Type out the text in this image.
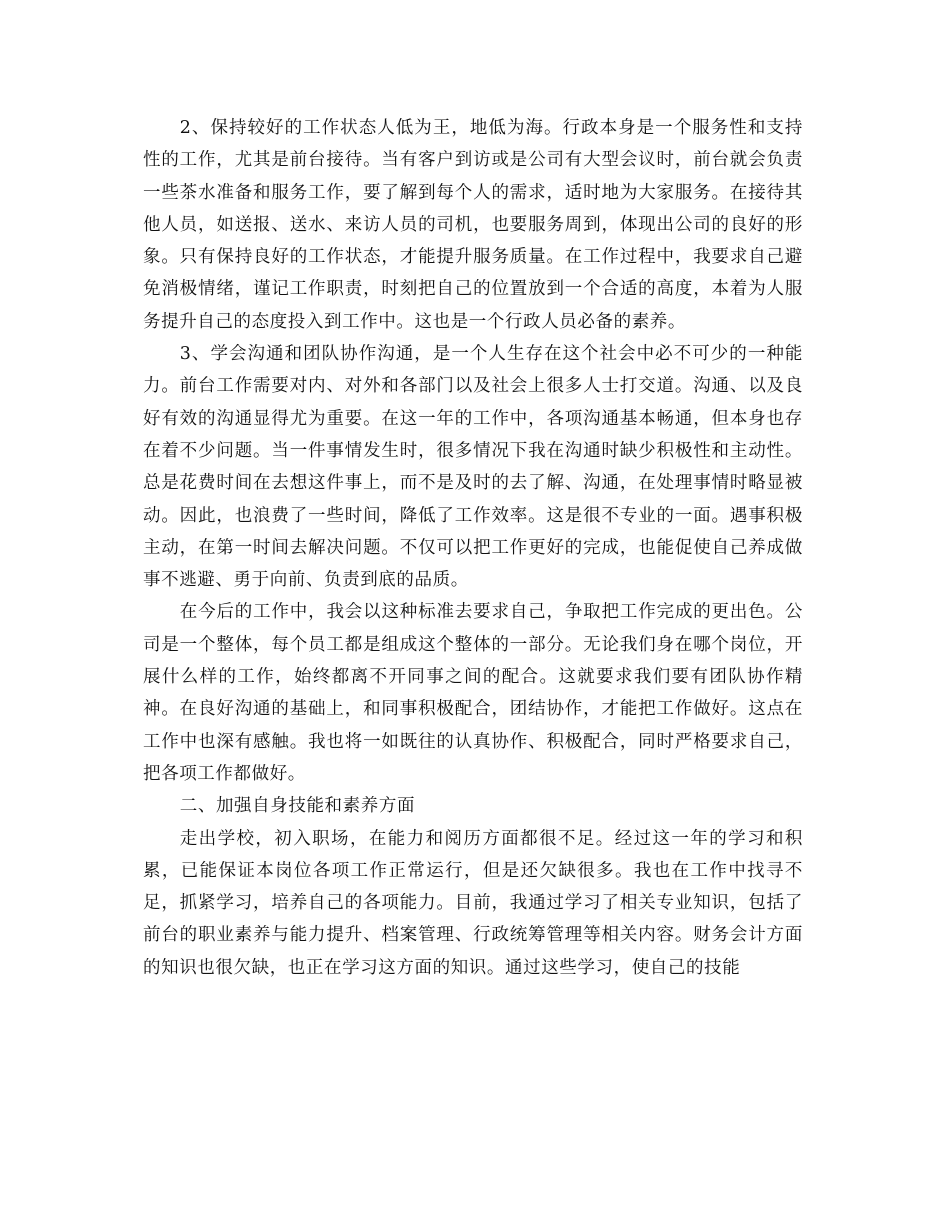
2、保持较好的工作状态人低为王，地低为海。行政本身是一个服务性和支持性的工作，尤其是前台接待。当有客户到访或是公司有大型会议时，前台就会负责一些茶水准备和服务工作，要了解到每个人的需求，适时地为大家服务。在接待其他人员，如送报、送水、来访人员的司机，也要服务周到，体现出公司的良好的形象。只有保持良好的工作状态，才能提升服务质量。在工作过程中，我要求自己避免消极情绪，谨记工作职责，时刻把自己的位置放到一个合适的高度，本着为人服务提升自己的态度投入到工作中。这也是一个行政人员必备的素养。

3、学会沟通和团队协作沟通，是一个人生存在这个社会中必不可少的一种能力。前台工作需要对内、对外和各部门以及社会上很多人士打交道。沟通、以及良好有效的沟通显得尤为重要。在这一年的工作中，各项沟通基本畅通，但本身也存在着不少问题。当一件事情发生时，很多情况下我在沟通时缺少积极性和主动性。总是花费时间在去想这件事上，而不是及时的去了解、沟通，在处理事情时略显被动。因此，也浪费了一些时间，降低了工作效率。这是很不专业的一面。遇事积极主动，在第一时间去解决问题。不仅可以把工作更好的完成，也能促使自己养成做事不逃避、勇于向前、负责到底的品质。

在今后的工作中，我会以这种标准去要求自己，争取把工作完成的更出色。公司是一个整体，每个员工都是组成这个整体的一部分。无论我们身在哪个岗位，开展什么样的工作，始终都离不开同事之间的配合。这就要求我们要有团队协作精神。在良好沟通的基础上，和同事积极配合，团结协作，才能把工作做好。这点在工作中也深有感触。我也将一如既往的认真协作、积极配合，同时严格要求自己，把各项工作都做好。

二、加强自身技能和素养方面

走出学校，初入职场，在能力和阅历方面都很不足。经过这一年的学习和积累，已能保证本岗位各项工作正常运行，但是还欠缺很多。我也在工作中找寻不足，抓紧学习，培养自己的各项能力。目前，我通过学习了相关专业知识，包括了前台的职业素养与能力提升、档案管理、行政统筹管理等相关内容。财务会计方面的知识也很欠缺，也正在学习这方面的知识。通过这些学习，使自己的技能
